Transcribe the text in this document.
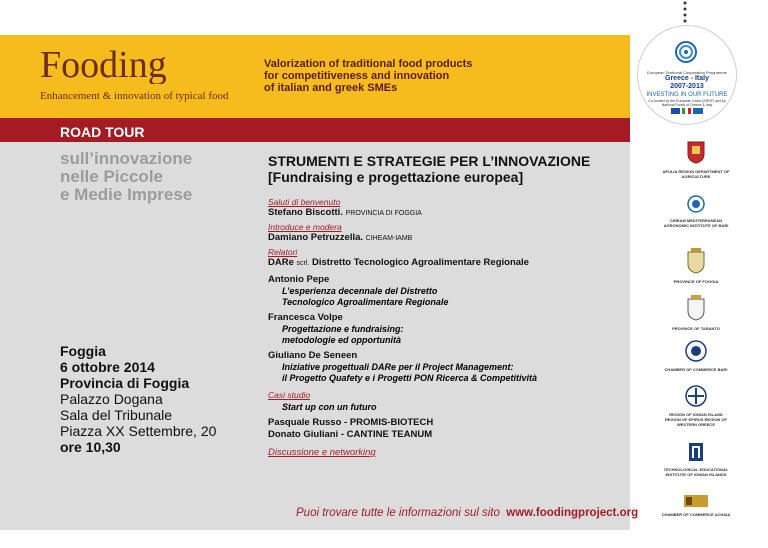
Fooding
Enhancement & innovation of typical food
Valorization of traditional food products
for competitiveness and innovation
of italian and greek SMEs
ROAD TOUR
sull’innovazione
nelle Piccole
e Medie Imprese
Foggia
6 ottobre 2014
Provincia di Foggia
Palazzo Dogana
Sala del Tribunale
Piazza XX Settembre, 20
ore 10,30
STRUMENTI E STRATEGIE PER L’INNOVAZIONE
[Fundraising e progettazione europea]
Saluti di benvenuto
Stefano Biscotti. PROVINCIA DI FOGGIA
Introduce e modera
Damiano Petruzzella. CIHEAM-IAMB
Relatori
DARe scrl. Distretto Tecnologico Agroalimentare Regionale
Antonio Pepe
L’esperienza decennale del Distretto
Tecnologico Agroalimentare Regionale
Francesca Volpe
Progettazione e fundraising:
metodologie ed opportunità
Giuliano De Seneen
Iniziative progettuali DARe per il Project Management:
il Progetto Quafety e i Progetti PON Ricerca & Competitività
Casi studio
Start up con un futuro
Pasquale Russo - PROMIS-BIOTECH
Donato Giuliani - CANTINE TEANUM
Discussione e networking
Puoi trovare tutte le informazioni sul sito www.foodingproject.org
European Territorial Cooperation Programme
Greece - Italy
2007-2013
INVESTING IN OUR FUTURE
Co-funded by the European Union (ERDF) and by National Funds of Greece & Italy
APULIA REGION DEPARTMENT OF AGRICULTURE
CIHEAM MEDITERRANEAN AGRONOMIC INSTITUTE OF BARI
PROVINCE OF FOGGIA
PROVINCE OF TARANTO
CHAMBER OF COMMERCE BARI
REGION OF IONIAN ISLAND REGION OF EPIRUS REGION OF WESTERN GREECE
TECHNOLOGICAL EDUCATIONAL INSTITUTE OF IONIAN ISLANDS
CHAMBER OF COMMERCE ACHAIA
